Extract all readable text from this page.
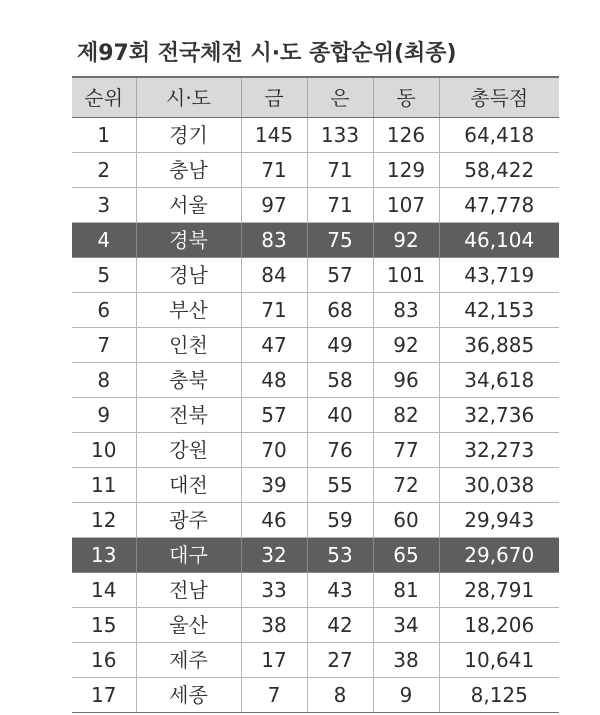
제97회 전국체전 시·도 종합순위(최종)
순위	시·도	금	은	동	총득점
1	경기	145	133	126	64,418
2	충남	71	71	129	58,422
3	서울	97	71	107	47,778
4	경북	83	75	92	46,104
5	경남	84	57	101	43,719
6	부산	71	68	83	42,153
7	인천	47	49	92	36,885
8	충북	48	58	96	34,618
9	전북	57	40	82	32,736
10	강원	70	76	77	32,273
11	대전	39	55	72	30,038
12	광주	46	59	60	29,943
13	대구	32	53	65	29,670
14	전남	33	43	81	28,791
15	울산	38	42	34	18,206
16	제주	17	27	38	10,641
17	세종	7	8	9	8,125
